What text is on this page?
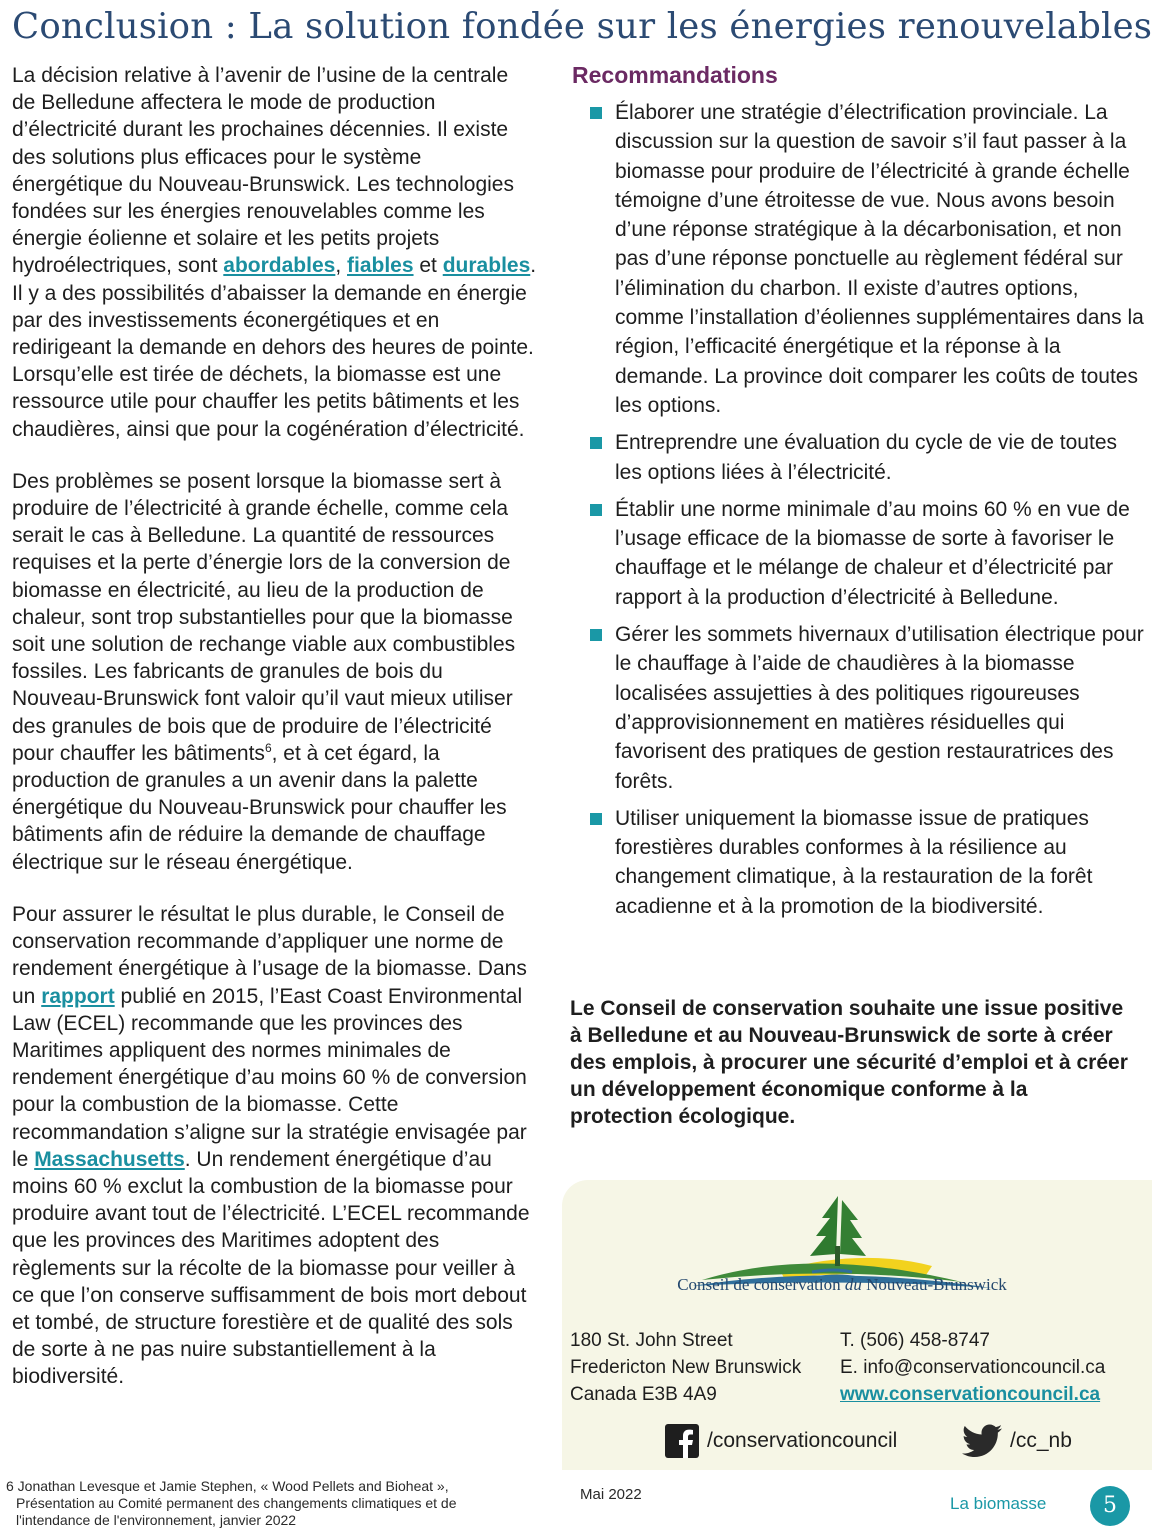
Conclusion : La solution fondée sur les énergies renouvelables

La décision relative à l’avenir de l’usine de la centrale de Belledune affectera le mode de production d’électricité durant les prochaines décennies. Il existe des solutions plus efficaces pour le système énergétique du Nouveau-Brunswick. Les technologies fondées sur les énergies renouvelables comme les énergie éolienne et solaire et les petits projets hydroélectriques, sont abordables, fiables et durables. Il y a des possibilités d’abaisser la demande en énergie par des investissements éconergétiques et en redirigeant la demande en dehors des heures de pointe. Lorsqu’elle est tirée de déchets, la biomasse est une ressource utile pour chauffer les petits bâtiments et les chaudières, ainsi que pour la cogénération d’électricité.

Des problèmes se posent lorsque la biomasse sert à produire de l’électricité à grande échelle, comme cela serait le cas à Belledune. La quantité de ressources requises et la perte d’énergie lors de la conversion de biomasse en électricité, au lieu de la production de chaleur, sont trop substantielles pour que la biomasse soit une solution de rechange viable aux combustibles fossiles. Les fabricants de granules de bois du Nouveau-Brunswick font valoir qu’il vaut mieux utiliser des granules de bois que de produire de l’électricité pour chauffer les bâtiments$^6$, et à cet égard, la production de granules a un avenir dans la palette énergétique du Nouveau-Brunswick pour chauffer les bâtiments afin de réduire la demande de chauffage électrique sur le réseau énergétique.

Pour assurer le résultat le plus durable, le Conseil de conservation recommande d’appliquer une norme de rendement énergétique à l’usage de la biomasse. Dans un rapport publié en 2015, l’East Coast Environmental Law (ECEL) recommande que les provinces des Maritimes appliquent des normes minimales de rendement énergétique d’au moins 60 % de conversion pour la combustion de la biomasse. Cette recommandation s’aligne sur la stratégie envisagée par le Massachusetts. Un rendement énergétique d’au moins 60 % exclut la combustion de la biomasse pour produire avant tout de l’électricité. L’ECEL recommande que les provinces des Maritimes adoptent des règlements sur la récolte de la biomasse pour veiller à ce que l’on conserve suffisamment de bois mort debout et tombé, de structure forestière et de qualité des sols de sorte à ne pas nuire substantiellement à la biodiversité.

Recommandations
Élaborer une stratégie d’électrification provinciale. La discussion sur la question de savoir s’il faut passer à la biomasse pour produire de l’électricité à grande échelle témoigne d’une étroitesse de vue. Nous avons besoin d’une réponse stratégique à la décarbonisation, et non pas d’une réponse ponctuelle au règlement fédéral sur l’élimination du charbon. Il existe d’autres options, comme l’installation d’éoliennes supplémentaires dans la région, l’efficacité énergétique et la réponse à la demande. La province doit comparer les coûts de toutes les options.
Entreprendre une évaluation du cycle de vie de toutes les options liées à l’électricité.
Établir une norme minimale d’au moins 60 % en vue de l’usage efficace de la biomasse de sorte à favoriser le chauffage et le mélange de chaleur et d’électricité par rapport à la production d’électricité à Belledune.
Gérer les sommets hivernaux d’utilisation électrique pour le chauffage à l’aide de chaudières à la biomasse localisées assujetties à des politiques rigoureuses d’approvisionnement en matières résiduelles qui favorisent des pratiques de gestion restauratrices des forêts.
Utiliser uniquement la biomasse issue de pratiques forestières durables conformes à la résilience au changement climatique, à la restauration de la forêt acadienne et à la promotion de la biodiversité.
Le Conseil de conservation souhaite une issue positive à Belledune et au Nouveau-Brunswick de sorte à créer des emplois, à procurer une sécurité d’emploi et à créer un développement économique conforme à la protection écologique.
Conseil de conservation du Nouveau-Brunswick
180 St. John Street
Fredericton New Brunswick
Canada E3B 4A9
T. (506) 458-8747
E. info@conservationcouncil.ca
www.conservationcouncil.ca
/conservationcouncil	/cc_nb
6 Jonathan Levesque et Jamie Stephen, « Wood Pellets and Bioheat »,
Présentation au Comité permanent des changements climatiques et de
l'intendance de l'environnement, janvier 2022
Mai 2022	La biomasse	5
